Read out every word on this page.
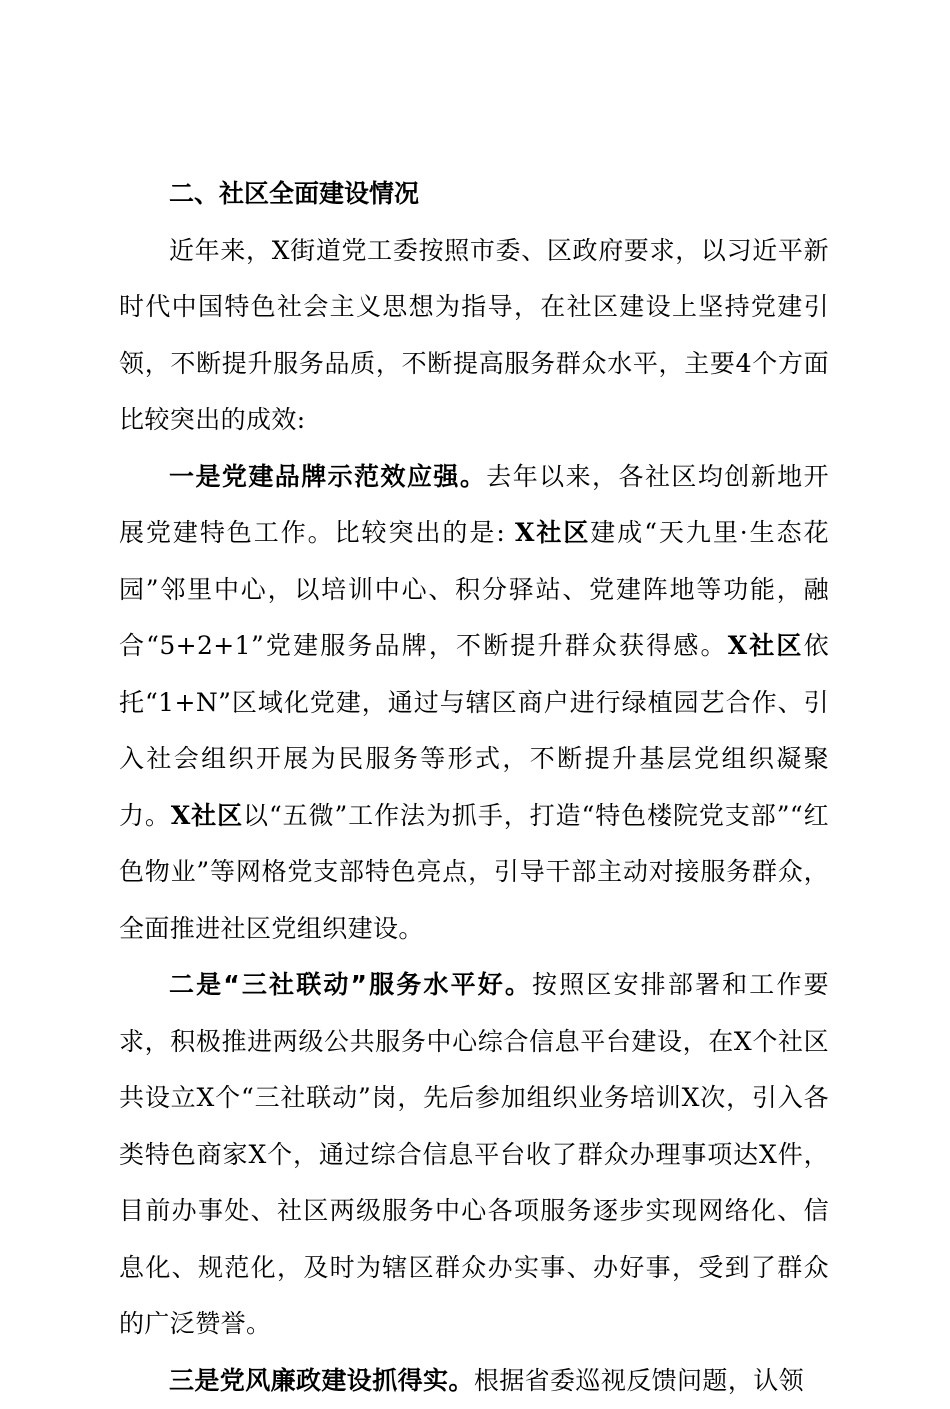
二、社区全面建设情况

近年来，X街道党工委按照市委、区政府要求，以习近平新时代中国特色社会主义思想为指导，在社区建设上坚持党建引领，不断提升服务品质，不断提高服务群众水平，主要4个方面比较突出的成效:

一是党建品牌示范效应强。去年以来，各社区均创新地开展党建特色工作。比较突出的是: X社区建成“天九里·生态花园”邻里中心，以培训中心、积分驿站、党建阵地等功能，融合“5+2+1”党建服务品牌，不断提升群众获得感。X社区依托“1+N”区域化党建，通过与辖区商户进行绿植园艺合作、引入社会组织开展为民服务等形式，不断提升基层党组织凝聚力。X社区以“五微”工作法为抓手，打造“特色楼院党支部”“红色物业”等网格党支部特色亮点，引导干部主动对接服务群众，全面推进社区党组织建设。

二是“三社联动”服务水平好。按照区安排部署和工作要求，积极推进两级公共服务中心综合信息平台建设，在X个社区共设立X个“三社联动”岗，先后参加组织业务培训X次，引入各类特色商家X个，通过综合信息平台收了群众办理事项达X件，目前办事处、社区两级服务中心各项服务逐步实现网络化、信息化、规范化，及时为辖区群众办实事、办好事，受到了群众的广泛赞誉。

三是党风廉政建设抓得实。根据省委巡视反馈问题，认领
